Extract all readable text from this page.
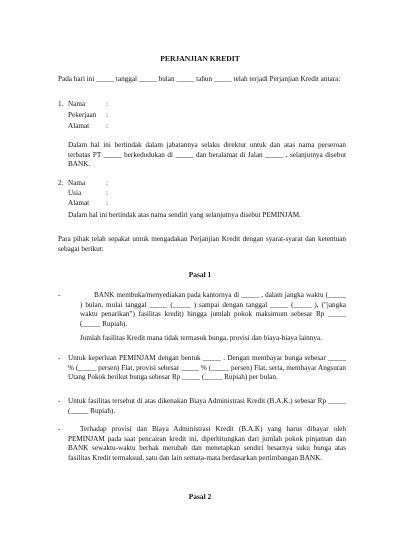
PERJANJIAN KREDIT

Pada hari ini _____ tanggal _____ bulan _____ tahun _____ telah terjadi Perjanjian Kredit antara:

1. Nama	:
Pekerjaan :
Alamat :

Dalam hal ini bertindak dalam jabatannya selaku direktur untuk dan atas nama perseroan terbatas PT _____ berkedudukan di _____ dan beralamat di Jalan _____ , selanjutnya disebut BANK.

2. Nama	:
Usia	:
Alamat :

Dalam hal ini bertindak atas nama sendiri yang selanjutnya disebut PEMINJAM.

Para pihak telah sepakat untuk mengadakan Perjanjian Kredit dengan syarat-syarat dan ketentuan sebagai berikut:

Pasal 1

-	BANK membuka/menyediakan pada kantornya di _____ , dalam jangka waktu (_____ ) bulan, mulai tanggal _____ (_____ ) sampai dengan tanggal _____ (_____ ), ("jangka waktu penarikan") fasilitas kredit) hingga jumlah pokok maksimum sebesar Rp _____ (_____ Rupiah).

Jumlah fasilitas Kredit mana tidak termasuk bunga, provisi dan biaya-biaya lainnya.

- Untuk keperluan PEMINJAM dengan bentuk _____ . Dengan membayar bunga sebesar _____ % (_____ persen) Flat, provisi sebesar _____ % (_____ persen) Flat, serta, membayar Angsuran Utang Pokok berikut bunga sebesar Rp _____ (_____ Rupiah) per bulan.

- Untuk fasilitas tersebut di atas dikenakan Biaya Administrasi Kredit (B.A.K.) sebesar Rp _____ (_____ Rupiah).

-	Terhadap provisi dan Biaya Administrasi Kredit (B.A.K) yang harus dibayar oleh PEMINJAM pada saat pencairan kredit ini, diperhitungkan dari jumlah pokok pinjaman dan BANK sewaktu-waktu berhak merubah dan menetapkan sendiri besarnya suku bunga atas fasilitas Kredit termaksud, satu dan lain semata-mata berdasarkan pertimbangan BANK.

Pasal 2
